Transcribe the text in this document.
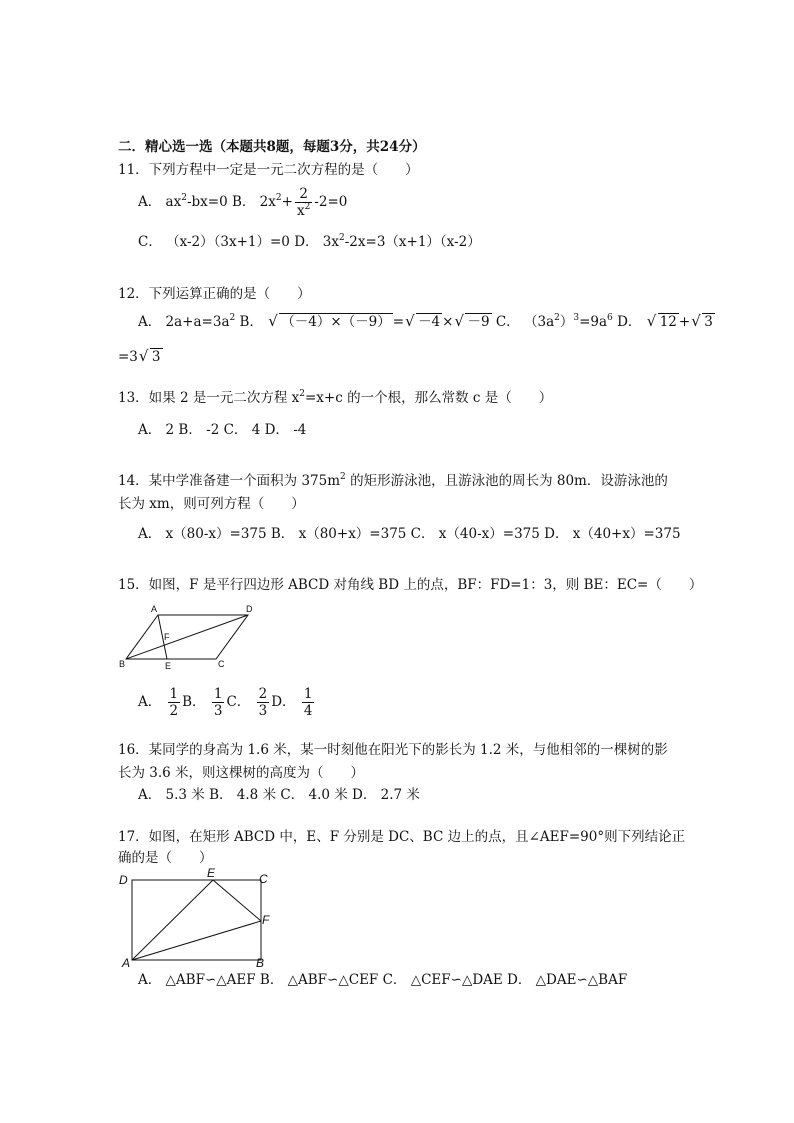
二．精心选一选（本题共8题，每题3分，共24分）
11．下列方程中一定是一元二次方程的是（　　）
A． $ax^2-bx=0$ B． $2x^2+ \frac{2}{x^2} -2=0$
C． （x-2）（3x+1）=0 D． $3x^2-2x=3(x+1)(x-2)$
12．下列运算正确的是（　　）
A． $2a+a=3a^2$ B． √ （－4）×（－9） = √ －4 × √ －9 C． $(3a^2)^3=9a^6$ D． √ 12 + √ 3
=3 √ 3
13．如果 2 是一元二次方程 $x^2=x+c$ 的一个根，那么常数 c 是（　　）
A． 2 B． -2 C． 4 D． -4
14．某中学准备建一个面积为 $375m^2$ 的矩形游泳池，且游泳池的周长为 80m．设游泳池的
长为 xm，则可列方程（　　）
A． x（80-x）=375 B． x（80+x）=375 C． x（40-x）=375 D． x（40+x）=375
15．如图，F 是平行四边形 ABCD 对角线 BD 上的点，BF：FD=1：3，则 BE：EC=（　　）
A	D
B	E	C
F
A． $\frac{1}{2}$ B． $\frac{1}{3}$ C． $\frac{2}{3}$ D． $\frac{1}{4}$
16．某同学的身高为 1.6 米，某一时刻他在阳光下的影长为 1.2 米，与他相邻的一棵树的影
长为 3.6 米，则这棵树的高度为（　　）
A． 5.3 米 B． 4.8 米 C． 4.0 米 D． 2.7 米
17．如图，在矩形 ABCD 中，E、F 分别是 DC、BC 边上的点，且∠AEF=90°则下列结论正
确的是（　　）
D	E	C
F
A	B
A． △ABF∽△AEF B． △ABF∽△CEF C． △CEF∽△DAE D． △DAE∽△BAF
